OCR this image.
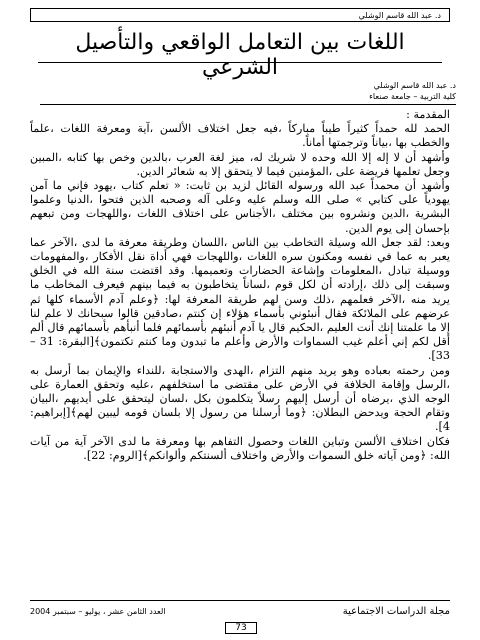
د. عبد الله قاسم الوشلي
اللغات بين التعامل الواقعي والتأصيل الشرعي
د. عبد الله قاسم الوشلي
كلية التربية – جامعة صنعاء

المقدمة :

الحمد لله حمداً كثيراً طيباً مباركاً ،فيه جعل اختلاف الألسن ،آية ومعرفة اللغات ،علماً والخطب بها ،بياناً وترجمتها أماناً.

وأشهد أن لا إله إلا الله وحده لا شريك له، ميز لغة العرب ،بالدين وخص بها كتابه ،المبين وجعل تعلمها فريضة على ،المؤمنين فيما لا يتحقق إلا به شعائر الدين.

وأشهد أن محمداً عبد الله ورسوله القائل لزيد بن ثابت: « تعلم كتاب ،يهود فإني ما آمن يهودياً على كتابي » صلى الله وسلم عليه وعلى آله وصحبه الذين فتحوا ،الدنيا وعلموا البشرية ،الدين ونشروه بين مختلف ،الأجناس على اختلاف اللغات ،واللهجات ومن تبعهم بإحسان إلى يوم الدين.

وبعد: لقد جعل الله وسيلة التخاطب بين الناس ،اللسان وطريقة معرفة ما لدى ،الآخر عما يعبر به عما في نفسه ومكنون سره اللغات ،واللهجات فهي أداة نقل الأفكار ،والمفهومات ووسيلة تبادل ،المعلومات وإشاعة الحضارات وتعميمها. وقد اقتضت سنة الله في الخلق وسبقت إلى ذلك ،إرادته أن لكل قوم ،لساناً يتخاطبون به فيما بينهم فيعرف المخاطب ما يريد منه ،الآخر فعلمهم ،ذلك وسن لهم طريقة المعرفة لها: ﴿وعلم آدم الأسماء كلها ثم عرضهم على الملائكة فقال أنبئوني بأسماء هؤلاء إن كنتم ،صادقين قالوا سبحانك لا علم لنا إلا ما علمتنا إنك أنت العليم ،الحكيم قال يا آدم أنبئهم بأسمائهم فلما أنبأهم بأسمائهم قال ألم أقل لكم إني أعلم غيب السماوات والأرض وأعلم ما تبدون وما كنتم تكتمون﴾[البقرة: 31 – 33].

ومن رحمته بعباده وهو يريد منهم التزام ،الهدى والاستجابة ،للنداء والإيمان بما أرسل به ،الرسل وإقامة الخلافة في الأرض على مقتضى ما استخلفهم ،عليه وتحقق العمارة على الوجه الذي ،يرضاه أن أرسل إليهم رسلاً يتكلمون بكل ،لسان ليتحقق على أيديهم ،البيان وتقام الحجة ويدحض البطلان: ﴿وما أرسلنا من رسول إلا بلسان قومه ليبين لهم﴾[إبراهيم: 4].

فكان اختلاف الألسن وتباين اللغات وحصول التفاهم بها ومعرفة ما لدى الآخر آية من آيات الله: ﴿ومن آياته خلق السموات والأرض واختلاف ألسنتكم وألوانكم﴾[الروم: 22].

العدد الثامن عشر ، يوليو – سبتمبر 2004	مجلة الدراسات الاجتماعية
73
